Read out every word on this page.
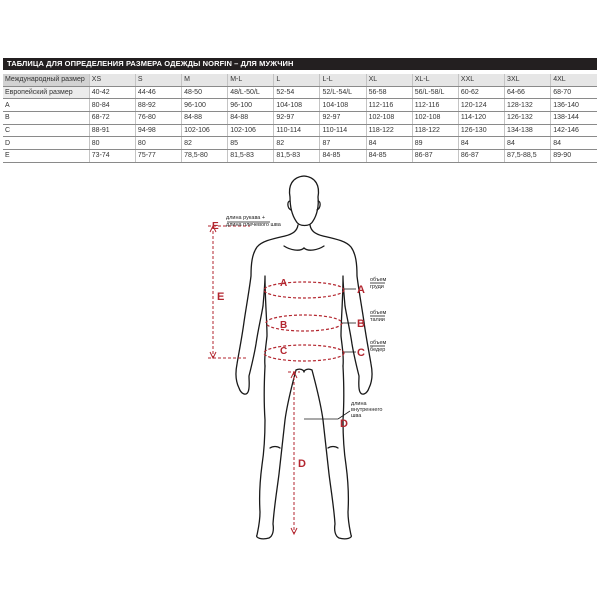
ТАБЛИЦА ДЛЯ ОПРЕДЕЛЕНИЯ РАЗМЕРА ОДЕЖДЫ NORFIN – ДЛЯ МУЖЧИН
Международный размер	XS	S	M	M-L	L	L-L	XL	XL-L	XXL	3XL	4XL
Европейский размер	40-42	44-46	48-50	48/L-50/L	52-54	52/L-54/L	56-58	56/L-58/L	60-62	64-66	68-70
A	80-84	88-92	96-100	96-100	104-108	104-108	112-116	112-116	120-124	128-132	136-140
B	68-72	76-80	84-88	84-88	92-97	92-97	102-108	102-108	114-120	126-132	138-144
C	88-91	94-98	102-106	102-106	110-114	110-114	118-122	118-122	126-130	134-138	142-146
D	80	80	82	85	82	87	84	89	84	84	84
E	73-74	75-77	78,5-80	81,5-83	81,5-83	84-85	84-85	86-87	86-87	87,5-88,5	89-90
E
E
A
B
C
A
B
C
D
D
длина рукава +
длина плечевого шва
объем
груди
объем
талии
объем
бедер
длина
внутреннего
шва
